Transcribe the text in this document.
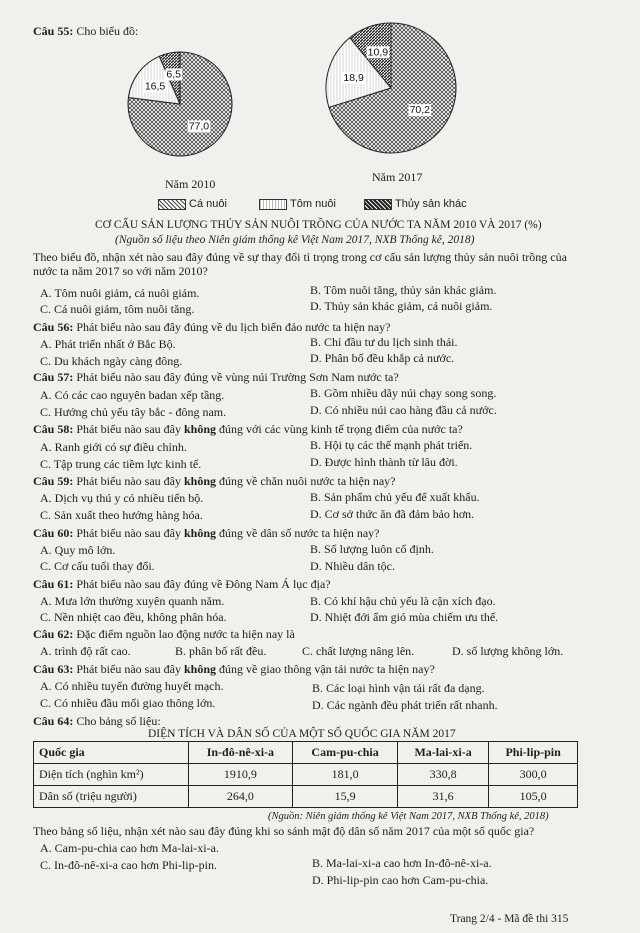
Câu 55: Cho biểu đồ:
77,0
16,5
6,5
70,2
18,9
10,9
Năm 2010	Năm 2017
Cá nuôi	Tôm nuôi	Thủy sản khác
CƠ CẤU SẢN LƯỢNG THỦY SẢN NUÔI TRỒNG CỦA NƯỚC TA NĂM 2010 VÀ 2017 (%)
(Nguồn số liệu theo Niên giám thống kê Việt Nam 2017, NXB Thống kê, 2018)
Theo biểu đồ, nhận xét nào sau đây đúng về sự thay đổi tỉ trọng trong cơ cấu sản lượng thủy sản nuôi trồng của nước ta năm 2017 so với năm 2010?
A. Tôm nuôi giảm, cá nuôi giảm.	B. Tôm nuôi tăng, thủy sản khác giảm.
C. Cá nuôi giảm, tôm nuôi tăng.	D. Thủy sản khác giảm, cá nuôi giảm.
Câu 56: Phát biểu nào sau đây đúng về du lịch biển đảo nước ta hiện nay?
A. Phát triển nhất ở Bắc Bộ.	B. Chỉ đầu tư du lịch sinh thái.
C. Du khách ngày càng đông.	D. Phân bố đều khắp cả nước.
Câu 57: Phát biểu nào sau đây đúng về vùng núi Trường Sơn Nam nước ta?
A. Có các cao nguyên badan xếp tầng.	B. Gồm nhiều dãy núi chạy song song.
C. Hướng chủ yếu tây bắc - đông nam.	D. Có nhiều núi cao hàng đầu cả nước.
Câu 58: Phát biểu nào sau đây không đúng với các vùng kinh tế trọng điểm của nước ta?
A. Ranh giới có sự điều chỉnh.	B. Hội tụ các thế mạnh phát triển.
C. Tập trung các tiềm lực kinh tế.	D. Được hình thành từ lâu đời.
Câu 59: Phát biểu nào sau đây không đúng về chăn nuôi nước ta hiện nay?
A. Dịch vụ thú y có nhiều tiến bộ.	B. Sản phẩm chủ yếu để xuất khẩu.
C. Sản xuất theo hướng hàng hóa.	D. Cơ sở thức ăn đã đảm bảo hơn.
Câu 60: Phát biểu nào sau đây không đúng về dân số nước ta hiện nay?
A. Quy mô lớn.	B. Số lượng luôn cố định.
C. Cơ cấu tuổi thay đổi.	D. Nhiều dân tộc.
Câu 61: Phát biểu nào sau đây đúng về Đông Nam Á lục địa?
A. Mưa lớn thường xuyên quanh năm.	B. Có khí hậu chủ yếu là cận xích đạo.
C. Nền nhiệt cao đều, không phân hóa.	D. Nhiệt đới ẩm gió mùa chiếm ưu thế.
Câu 62: Đặc điểm nguồn lao động nước ta hiện nay là
A. trình độ rất cao.	B. phân bố rất đều.	C. chất lượng nâng lên.	D. số lượng không lớn.
Câu 63: Phát biểu nào sau đây không đúng về giao thông vận tải nước ta hiện nay?
A. Có nhiều tuyến đường huyết mạch.	B. Các loại hình vận tải rất đa dạng.
C. Có nhiều đầu mối giao thông lớn.	D. Các ngành đều phát triển rất nhanh.
Câu 64: Cho bảng số liệu:
DIỆN TÍCH VÀ DÂN SỐ CỦA MỘT SỐ QUỐC GIA NĂM 2017
Quốc gia	In-đô-nê-xi-a	Cam-pu-chia	Ma-lai-xi-a	Phi-lip-pin
Diện tích (nghìn km²)	1910,9	181,0	330,8	300,0
Dân số (triệu người)	264,0	15,9	31,6	105,0
(Nguồn: Niên giám thống kê Việt Nam 2017, NXB Thống kê, 2018)
Theo bảng số liệu, nhận xét nào sau đây đúng khi so sánh mật độ dân số năm 2017 của một số quốc gia?
A. Cam-pu-chia cao hơn Ma-lai-xi-a.
B. Ma-lai-xi-a cao hơn In-đô-nê-xi-a.
C. In-đô-nê-xi-a cao hơn Phi-lip-pin.
D. Phi-lip-pin cao hơn Cam-pu-chia.
Trang 2/4 - Mã đề thi 315
